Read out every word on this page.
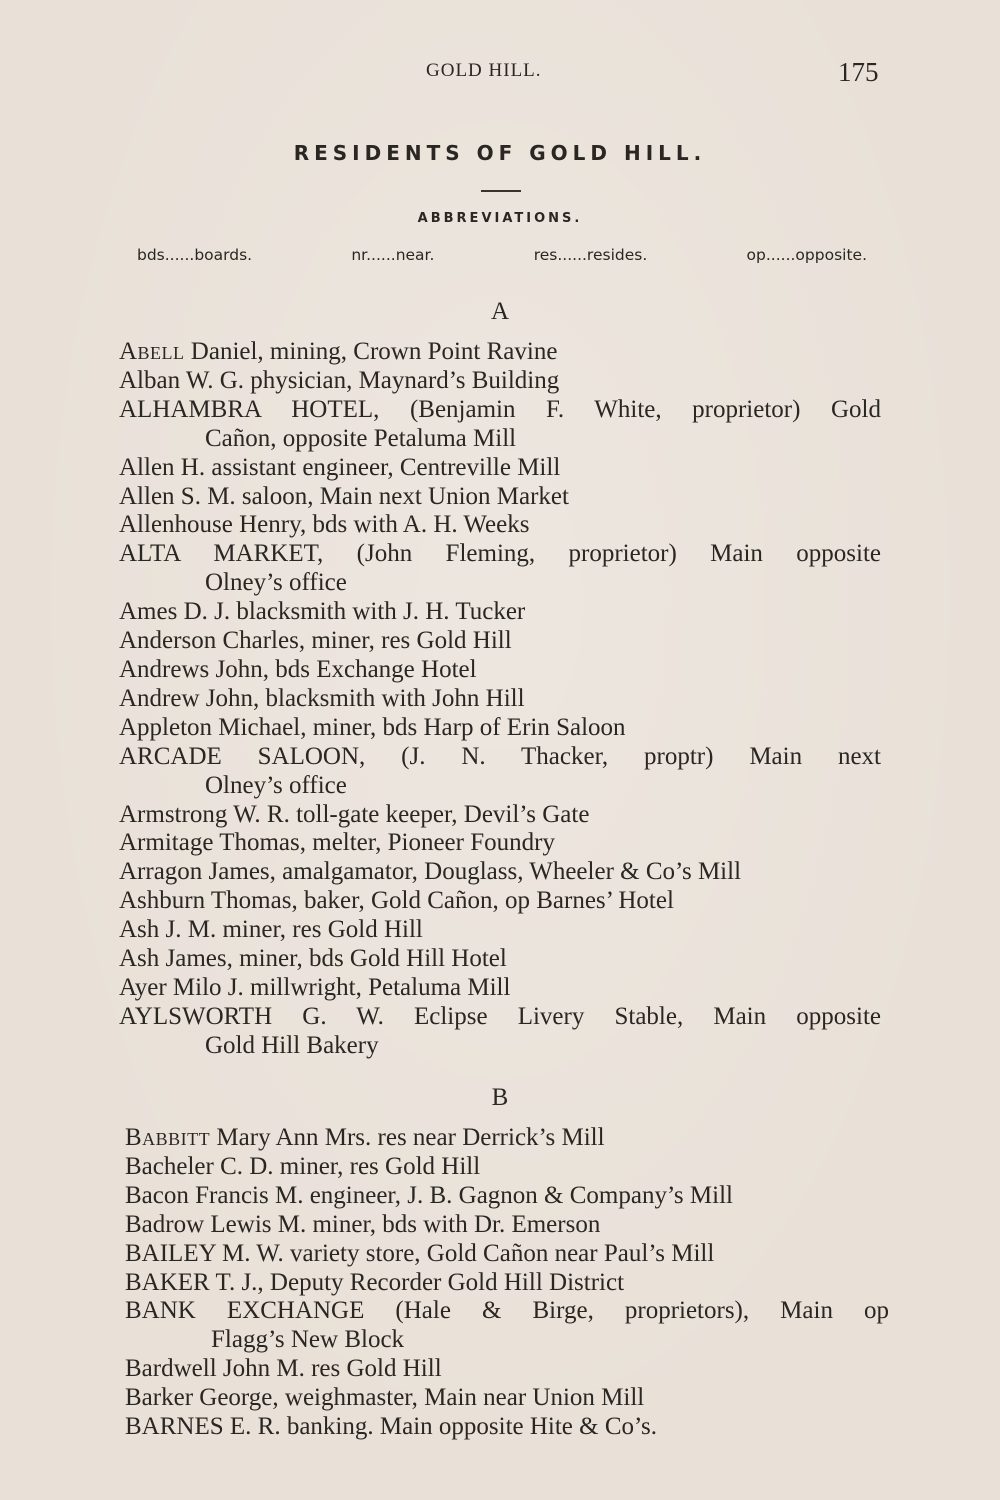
GOLD HILL.	175
RESIDENTS OF GOLD HILL.
ABBREVIATIONS.
bds......boards.	nr......near.	res......resides.	op......opposite.
A
Abell Daniel, mining, Crown Point Ravine
Alban W. G. physician, Maynard’s Building
ALHAMBRA HOTEL, (Benjamin F. White, proprietor) Gold
Cañon, opposite Petaluma Mill
Allen H. assistant engineer, Centreville Mill
Allen S. M. saloon, Main next Union Market
Allenhouse Henry, bds with A. H. Weeks
ALTA MARKET, (John Fleming, proprietor) Main opposite
Olney’s office
Ames D. J. blacksmith with J. H. Tucker
Anderson Charles, miner, res Gold Hill
Andrews John, bds Exchange Hotel
Andrew John, blacksmith with John Hill
Appleton Michael, miner, bds Harp of Erin Saloon
ARCADE SALOON, (J. N. Thacker, proptr) Main next
Olney’s office
Armstrong W. R. toll-gate keeper, Devil’s Gate
Armitage Thomas, melter, Pioneer Foundry
Arragon James, amalgamator, Douglass, Wheeler & Co’s Mill
Ashburn Thomas, baker, Gold Cañon, op Barnes’ Hotel
Ash J. M. miner, res Gold Hill
Ash James, miner, bds Gold Hill Hotel
Ayer Milo J. millwright, Petaluma Mill
AYLSWORTH G. W. Eclipse Livery Stable, Main opposite
Gold Hill Bakery
B
Babbitt Mary Ann Mrs. res near Derrick’s Mill
Bacheler C. D. miner, res Gold Hill
Bacon Francis M. engineer, J. B. Gagnon & Company’s Mill
Badrow Lewis M. miner, bds with Dr. Emerson
BAILEY M. W. variety store, Gold Cañon near Paul’s Mill
BAKER T. J., Deputy Recorder Gold Hill District
BANK EXCHANGE (Hale & Birge, proprietors), Main op
Flagg’s New Block
Bardwell John M. res Gold Hill
Barker George, weighmaster, Main near Union Mill
BARNES E. R. banking. Main opposite Hite & Co’s.
